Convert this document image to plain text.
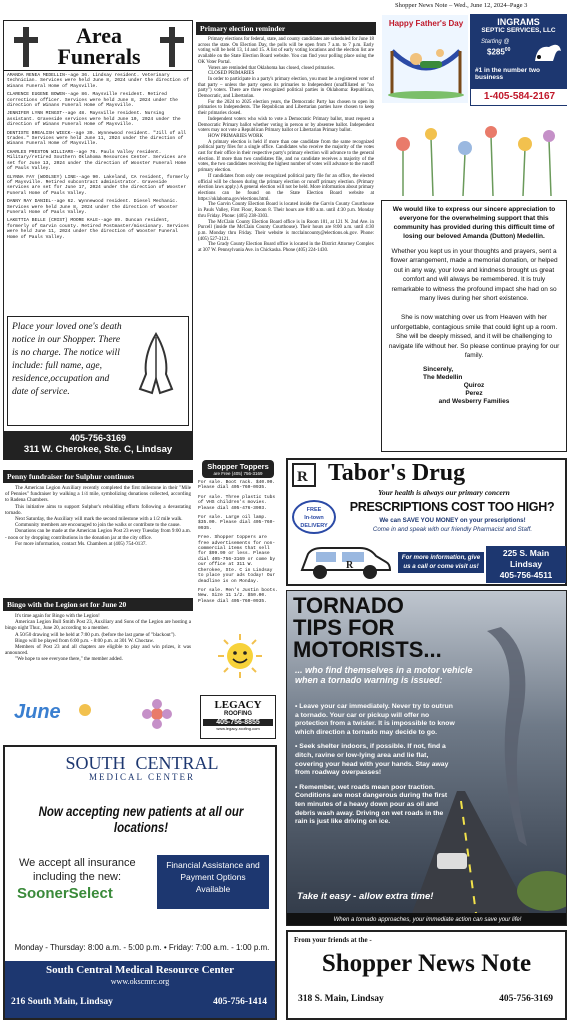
Shopper News Note – Wed., June 12, 2024–Page 3
Area Funerals

AMANDA RENEA MEDELLIN--age 36. Lindsay resident. Veterinary technician. Services were held June 8, 2024 under the direction of Winans Funeral Home of Maysville.

CLARENCE EUGENE BOWEN--age 86. Maysville resident. Retired corrections officer. Services were held June 8, 2024 under the direction of Winans Funeral Home of Maysville.

JENNIFER LYNN MINGST--age 48. Maysville resident. Nursing assistant. Graveside services were held June 10, 2024 under the direction of Winans Funeral Home of Maysville.

DENTISTE BREALISH WIECK--age 39. Wynnewood resident. "Jill of all trades." Services were held June 11, 2024 under the direction of Winans Funeral Home of Maysville.

CHARLES PRESTON WILLIAMS--age 76. Pauls Valley resident. Military/retired Southern Oklahoma Resources Center. Services are set for June 13, 2024 under the direction of Wooster Funeral Home of Pauls Valley.

GLYNNA FAY (WOOLSEY) LINE--age 90. Lakeland, CA resident, formerly of Maysville. Retired subcontract administrator. Graveside services are set for June 17, 2024 under the direction of Wooster Funeral Home of Pauls Valley.

DANNY RAY DANIEL--age 62. Wynnewood resident. Diesel Mechanic. Services were held June 8, 2024 under the direction of Wooster Funeral Home of Pauls Valley.

LAKETTIA BELLE (CRIST) MOORE KALE--age 89. Duncan resident, formerly of Garvin county. Retired Postmaster/missionary. Services were held June 11, 2024 under the direction of Wooster Funeral Home of Pauls Valley.

Place your loved one's death notice in our Shopper. There is no charge. The notice will include: full name, age, residence,occupation and date of service.
405-756-3169
311 W. Cherokee, Ste. C, Lindsay
Primary election reminder

Primary elections for federal, state, and county candidates are scheduled for June 18 across the state. On Election Day, the polls will be open from 7 a.m. to 7 p.m. Early voting will be held 13, 14 and 15. A list of early voting locations and the election list are available on the State Election Board website. You can find your polling place using the OK Voter Portal.

Voters are reminded that Oklahoma has closed, closed primaries.

CLOSED PRIMARIES

In order to participate in a party's primary election, you must be a registered voter of that party – unless the party opens its primaries to Independent (unaffiliated or "no party") voters. There are three recognized political parties in Oklahoma: Republican, Democratic, and Libertarian.

For the 2024 to 2025 election years, the Democratic Party has chosen to open its primaries to Independents. The Republican and Libertarian parties have chosen to keep their primaries closed.

Independent voters who wish to vote a Democratic Primary ballot, must request a Democratic Primary ballot whether voting in person or by absentee ballot. Independent voters may not vote a Republican Primary ballot or Libertarian Primary ballot.

HOW PRIMARIES WORK

A primary election is held if more than one candidate from the same recognized political party files for a single office. Candidates who receive the majority of the votes cast for their office in their respective party's primary election will advance to the general election. If more than two candidates file, and no candidate receives a majority of the votes, the two candidates receiving the highest number of votes will advance to the runoff primary election.

If candidates from only one recognized political party file for an office, the elected official will be chosen during the primary election or runoff primary election. (Primary election laws apply.) A general election will not be held. More information about primary elections can be found on the State Election Board website at https://oklahoma.gov/elections.html.

The Garvin County Election Board is located inside the Garvin County Courthouse in Pauls Valley, First Floor, Room 8. Their hours are 8:00 a.m. until 4:30 p.m. Monday thru Friday. Phone: (405) 238-3303.

The McClain County Election Board office is in Room 101, at 121 N. 2nd Ave. in Purcell (inside the McClain County Courthouse). Their hours are 8:00 a.m. until 4:30 p.m. Monday thru Friday. Their website is mcclaincounty@elections.ok.gov. Phone: (405) 527-3121.

The Grady County Election Board office is located in the District Attorney Complex at 307 W. Pennsylvania Ave. in Chickasha. Phone (405) 224-1430.

Happy Father's Day	INGRAMS
SEPTIC SERVICES, LLC
Starting @
$\$285^{00}$
#1 in the number two business
1-405-584-2167

We would like to express our sincere appreciation to everyone for the overwhelming support that this community has provided during this difficult time of losing our beloved Amanda (Dutton) Medellin.

Whether you kept us in your thoughts and prayers, sent a flower arrangement, made a memorial donation, or helped out in any way, your love and kindness brought us great comfort and will always be remembered. It is truly remarkable to witness the profound impact she had on so many lives during her short existence.

She is now watching over us from Heaven with her unforgettable, contagious smile that could light up a room. She will be deeply missed, and it will be challenging to navigate life without her. So please continue praying for our family.

Sincerely,
The Medellin
Quiroz
Perez
and Wesberry Families
Penny fundraiser for Sulphur continues

The American Legion Auxiliary recently completed the first milestone in their "Mile of Pennies" fundraiser by walking a 1/4 mile, symbolizing donations collected, according to Radena Chambers.

This initiative aims to support Sulphur's rebuilding efforts following a devastating tornado.

Next Saturday, the Auxiliary will mark the second milestone with a 1/2 mile walk.

Community members are encouraged to join the walks or contribute to the cause.

Donations can be made at the American Legion Post 23 every Tuesday from 9:00 a.m. - noon or by dropping contributions in the donation jar at the city office.

For more information, contact Ms. Chambers at (405) 754-0137.

Bingo with the Legion set for June 20

It's time again for Bingo with the Legion!

American Legion Bull Smith Post 23, Auxiliary and Sons of the Legion are hosting a bingo night Thur., June 20, according to a member.

A 50/50 drawing will be held at 7:00 p.m. (before the last game of "blackout").

Bingo will be played from 6:00 p.m. - 8:00 p.m. at 301 W. Choctaw.

Members of Post 23 and all chapters are eligible to play and win prizes, it was announced.

"We hope to see everyone there," the member added.

June
Shopper Toppers
are Free (405) 756-3169

For sale. Boot rack. $40.00. Please dial 405-760-0935.

For sale. Three plastic tubs of VHS children's movies. Please dial 405-476-3903.

For sale. Large oil lamp. $35.00. Please dial 405-760-0935.

Free. Shopper toppers are free advertisements for non-commercial items that sell for $99.99 or less. Please dial 405-756-3169 or come by our office at 311 W. Cherokee, Ste. C in Lindsay to place your ads today! Our deadline is on Monday.

For sale. Men's Justin boots. New. Size 11 1/2. $50.00. Please dial 405-760-0935.

LEGACY
ROOFING
405-756-8855
www.legacy-roofing.com
R Tabor's Drug
Your health is always our primary concern
FREE
In-town
DELIVERY
PRESCRIPTIONS COST TOO HIGH?
We can SAVE YOU MONEY on your prescriptions!
Come in and speak with our friendly Pharmacist and Staff.
R
For more information, give us a call or come visit us!
225 S. Main
Lindsay
405-756-4511
TORNADO
TIPS FOR
MOTORISTS...
... who find themselves in a motor vehicle when a tornado warning is issued:
• Leave your car immediately. Never try to outrun a tornado. Your car or pickup will offer no protection from a twister. It is impossible to know which direction a tornado may decide to go.
• Seek shelter indoors, if possible. If not, find a ditch, ravine or low-lying area and lie flat, covering your head with your hands. Stay away from roadway overpasses!
• Remember, wet roads mean poor traction. Conditions are most dangerous during the first ten minutes of a heavy down pour as oil and debris wash away. Driving on wet roads in the rain is just like driving on ice.
Take it easy - allow extra time!
When a tornado approaches, your immediate action can save your life!
SOUTH CENTRAL
MEDICAL CENTER
Now accepting new patients at all our locations!
We accept all insurance
including the new:
SoonerSelect
Financial Assistance and Payment Options Available
Monday - Thursday: 8:00 a.m. - 5:00 p.m. • Friday: 7:00 a.m. - 1:00 p.m.
South Central Medical Resource Center
www.okscmrc.org
216 South Main, Lindsay	405-756-1414
From your friends at the -
Shopper News Note
318 S. Main, Lindsay	405-756-3169
